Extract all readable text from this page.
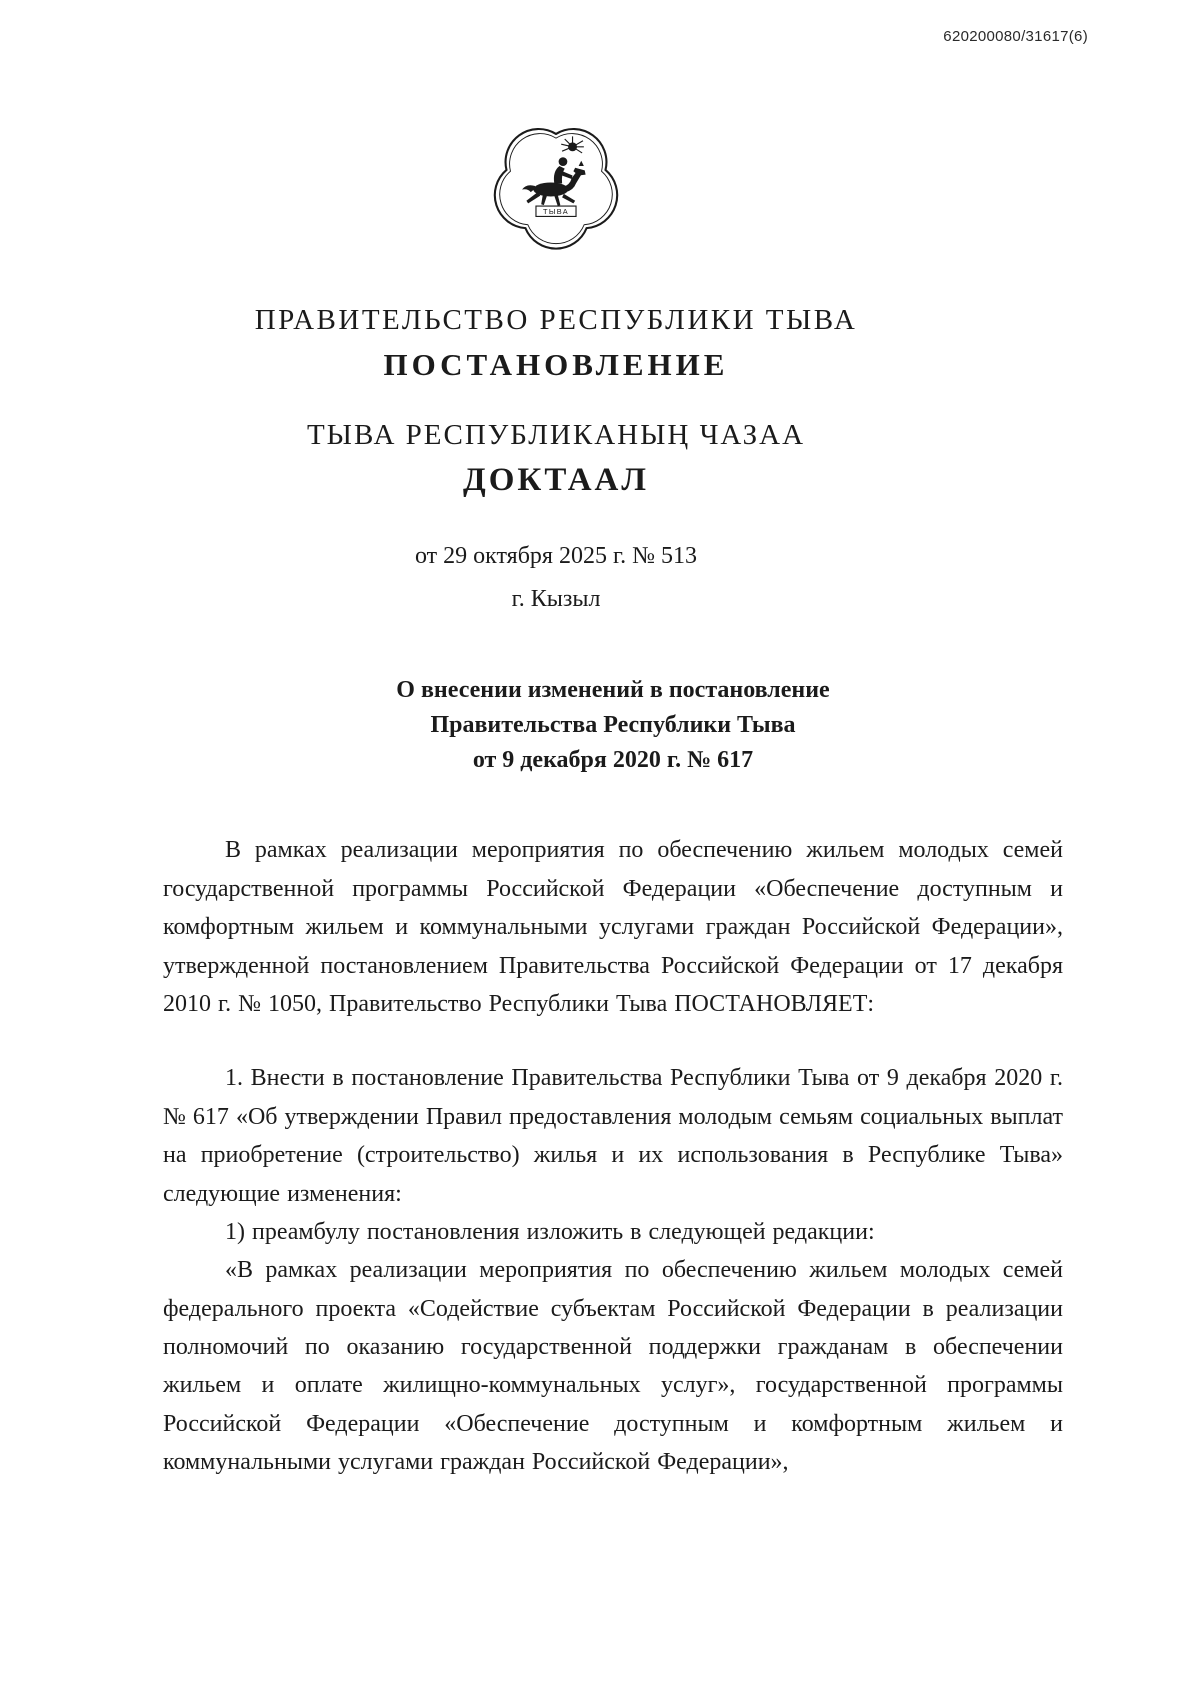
620200080/31617(6)
ТЫВА
ПРАВИТЕЛЬСТВО РЕСПУБЛИКИ ТЫВА
ПОСТАНОВЛЕНИЕ
ТЫВА РЕСПУБЛИКАНЫҢ ЧАЗАА
ДОКТААЛ
от 29 октября 2025 г. № 513
г. Кызыл
О внесении изменений в постановление
Правительства Республики Тыва
от 9 декабря 2020 г. № 617

В рамках реализации мероприятия по обеспечению жильем молодых семей государственной программы Российской Федерации «Обеспечение доступным и комфортным жильем и коммунальными услугами граждан Российской Федерации», утвержденной постановлением Правительства Российской Федерации от 17 декабря 2010 г. № 1050, Правительство Республики Тыва ПОСТАНОВЛЯЕТ:

1. Внести в постановление Правительства Республики Тыва от 9 декабря 2020 г. № 617 «Об утверждении Правил предоставления молодым семьям социальных выплат на приобретение (строительство) жилья и их использования в Республике Тыва» следующие изменения:

1) преамбулу постановления изложить в следующей редакции:

«В рамках реализации мероприятия по обеспечению жильем молодых семей федерального проекта «Содействие субъектам Российской Федерации в реализации полномочий по оказанию государственной поддержки гражданам в обеспечении жильем и оплате жилищно-коммунальных услуг», государственной программы Российской Федерации «Обеспечение доступным и комфортным жильем и коммунальными услугами граждан Российской Федерации»,
